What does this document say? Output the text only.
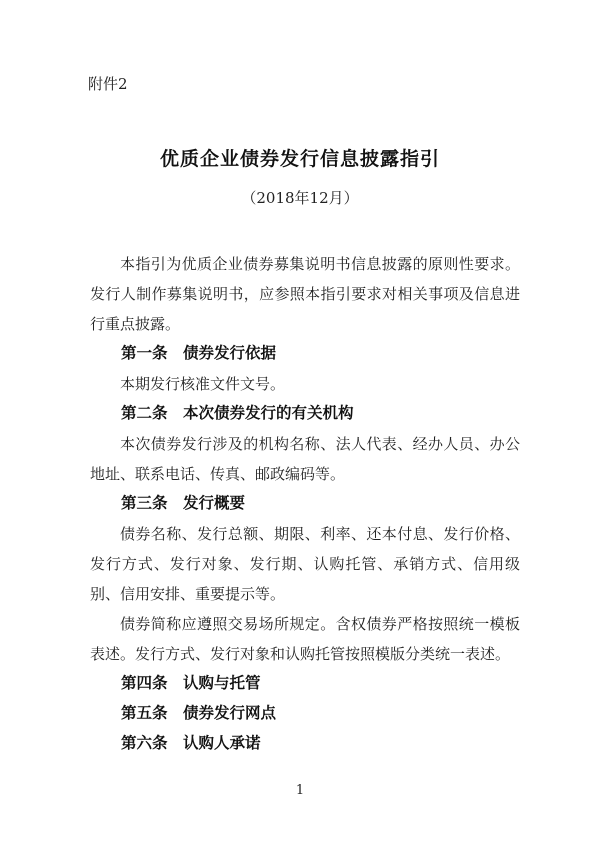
附件2
优质企业债券发行信息披露指引
（2018年12月）

本指引为优质企业债券募集说明书信息披露的原则性要求。发行人制作募集说明书，应参照本指引要求对相关事项及信息进行重点披露。

第一条　债券发行依据

本期发行核准文件文号。

第二条　本次债券发行的有关机构

本次债券发行涉及的机构名称、法人代表、经办人员、办公地址、联系电话、传真、邮政编码等。

第三条　发行概要

债券名称、发行总额、期限、利率、还本付息、发行价格、发行方式、发行对象、发行期、认购托管、承销方式、信用级别、信用安排、重要提示等。

债券简称应遵照交易场所规定。含权债券严格按照统一模板表述。发行方式、发行对象和认购托管按照模版分类统一表述。

第四条　认购与托管
第五条　债券发行网点
第六条　认购人承诺
1
